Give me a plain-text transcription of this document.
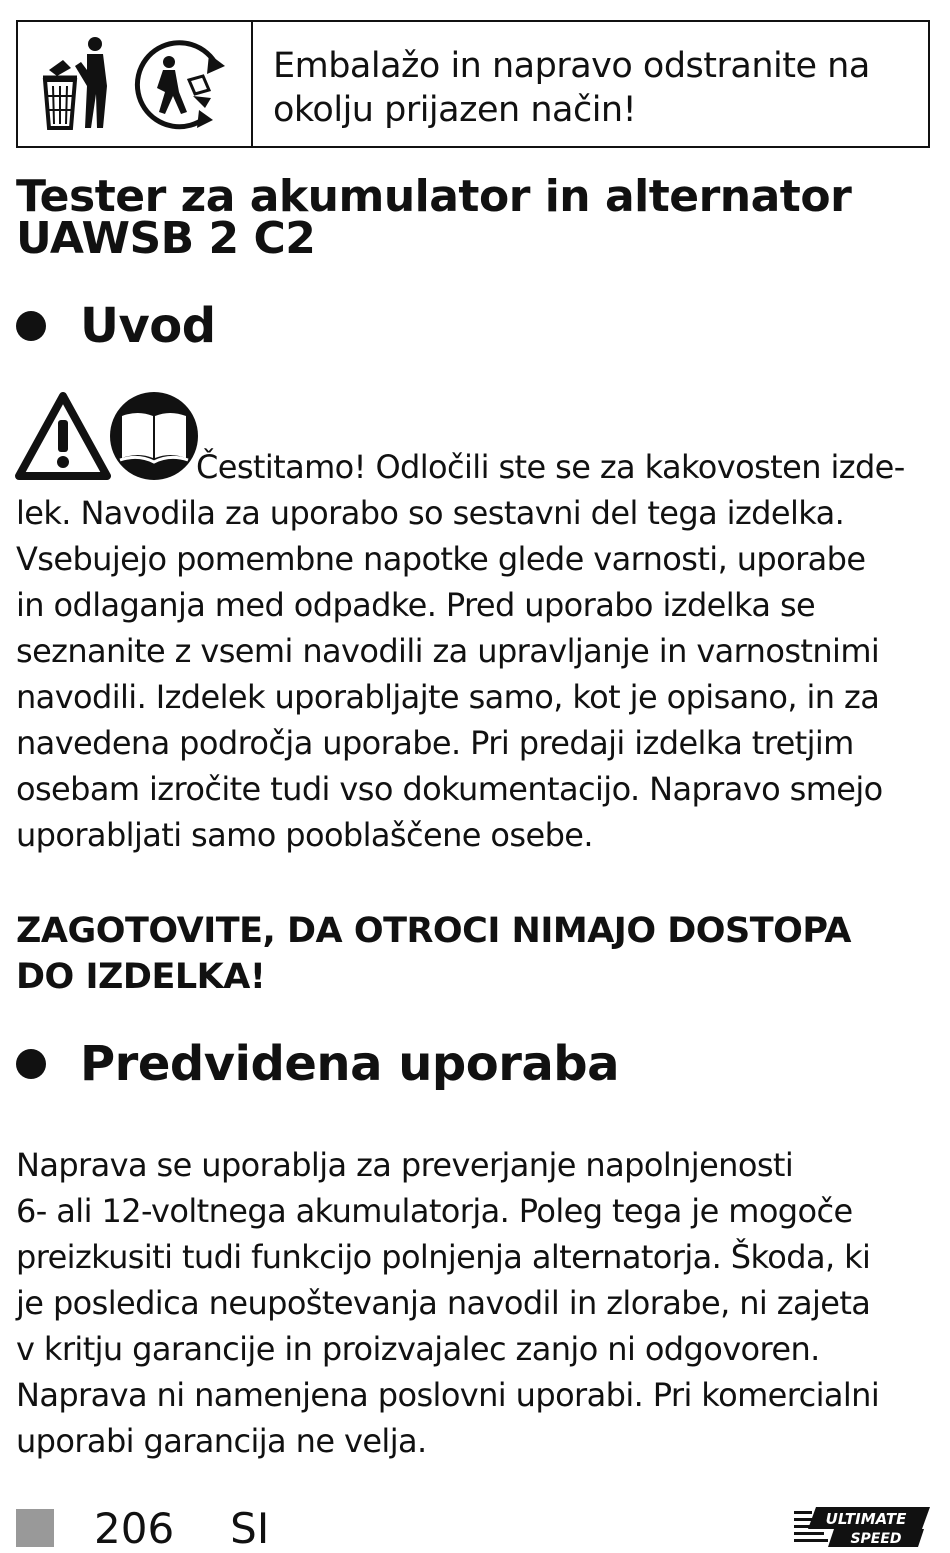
Embalažo in napravo odstranite na
okolju prijazen način!
Tester za akumulator in alternator
UAWSB 2 C2
Uvod
Čestitamo! Odločili ste se za kakovosten izde-
lek. Navodila za uporabo so sestavni del tega izdelka.
Vsebujejo pomembne napotke glede varnosti, uporabe
in odlaganja med odpadke. Pred uporabo izdelka se
seznanite z vsemi navodili za upravljanje in varnostnimi
navodili. Izdelek uporabljajte samo, kot je opisano, in za
navedena področja uporabe. Pri predaji izdelka tretjim
osebam izročite tudi vso dokumentacijo. Napravo smejo
uporabljati samo pooblaščene osebe.
ZAGOTOVITE, DA OTROCI NIMAJO DOSTOPA
DO IZDELKA!
Predvidena uporaba
Naprava se uporablja za preverjanje napolnjenosti
6- ali 12-voltnega akumulatorja. Poleg tega je mogoče
preizkusiti tudi funkcijo polnjenja alternatorja. Škoda, ki
je posledica neupoštevanja navodil in zlorabe, ni zajeta
v kritju garancije in proizvajalec zanjo ni odgovoren.
Naprava ni namenjena poslovni uporabi. Pri komercialni
uporabi garancija ne velja.
206 SI	ULTIMATE
SPEED
